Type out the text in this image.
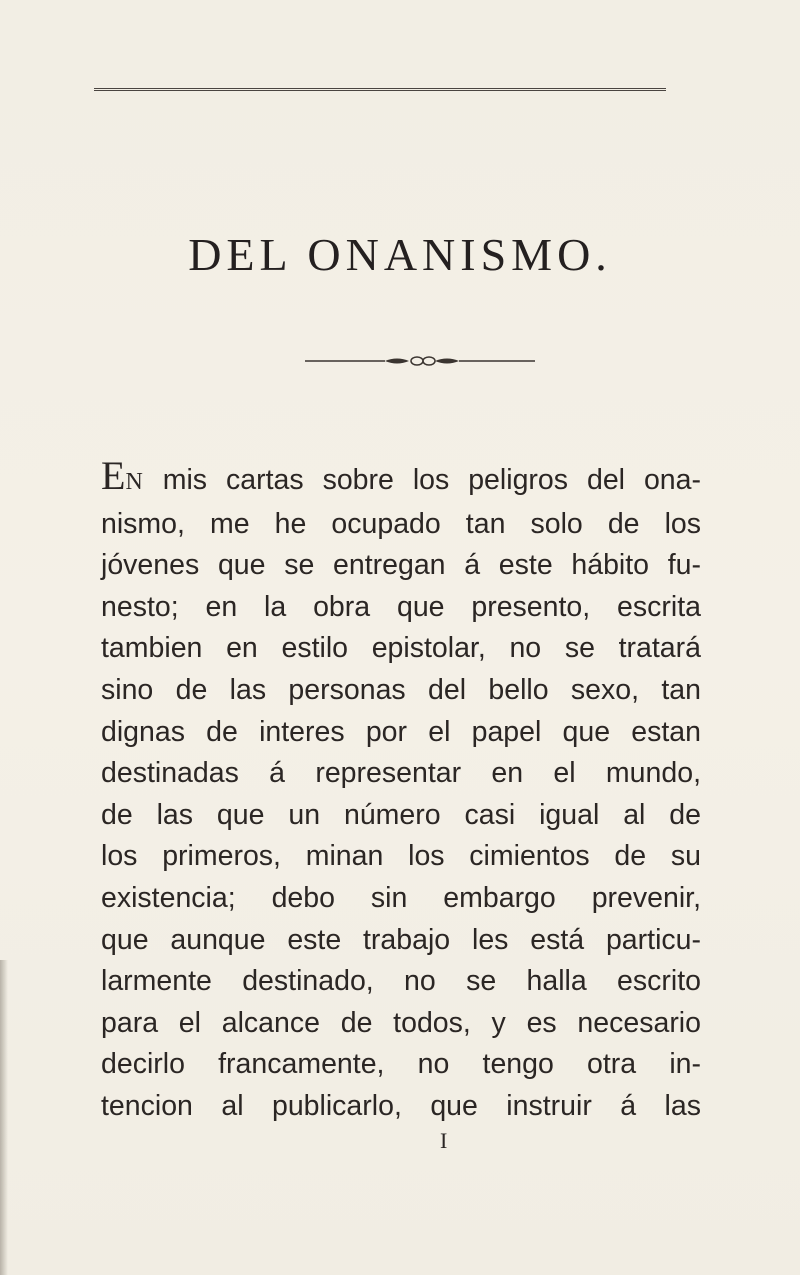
DEL ONANISMO.
EN mis cartas sobre los peligros del ona-
nismo, me he ocupado tan solo de los
jóvenes que se entregan á este hábito fu-
nesto; en la obra que presento, escrita
tambien en estilo epistolar, no se tratará
sino de las personas del bello sexo, tan
dignas de interes por el papel que estan
destinadas á representar en el mundo,
de las que un número casi igual al de
los primeros, minan los cimientos de su
existencia; debo sin embargo prevenir,
que aunque este trabajo les está particu-
larmente destinado, no se halla escrito
para el alcance de todos, y es necesario
decirlo francamente, no tengo otra in-
tencion al publicarlo, que instruir á las
I
